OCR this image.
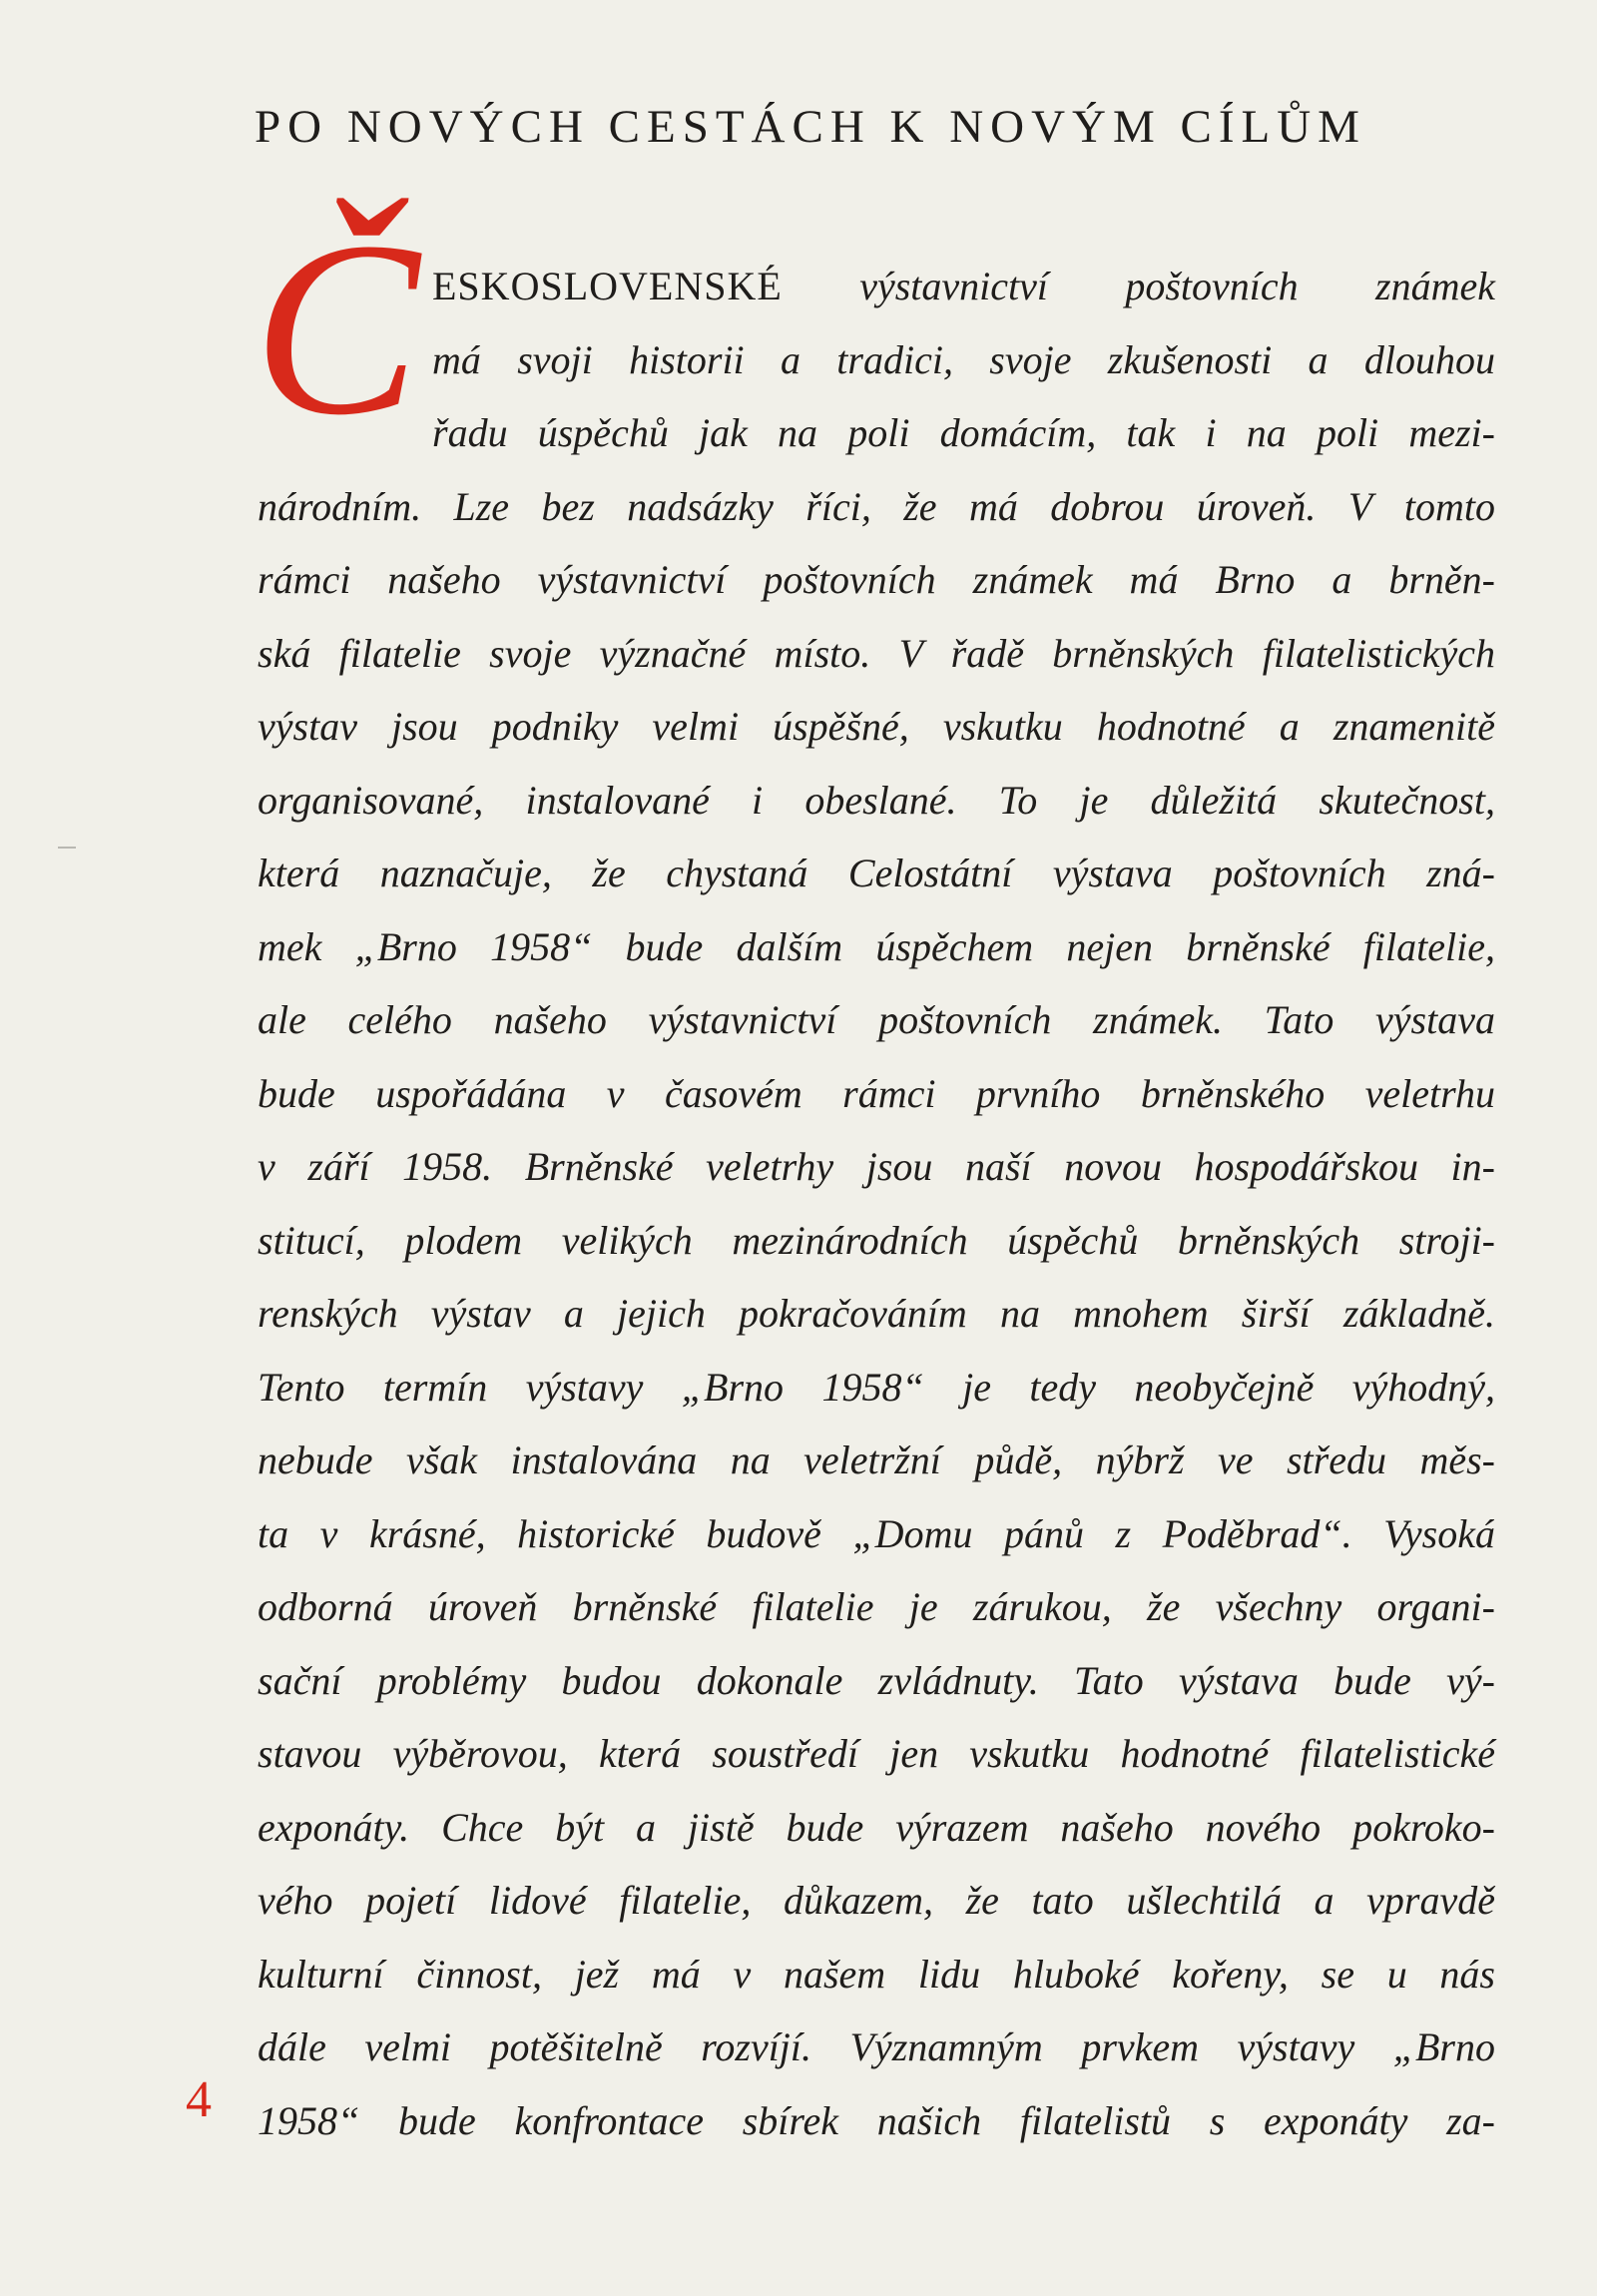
PO NOVÝCH CESTÁCH K NOVÝM CÍLŮM
Č ESKOSLOVENSKÉ výstavnictví poštovních známek
má svoji historii a tradici, svoje zkušenosti a dlouhou
řadu úspěchů jak na poli domácím, tak i na poli mezi-
národním. Lze bez nadsázky říci, že má dobrou úroveň. V tomto
rámci našeho výstavnictví poštovních známek má Brno a brněn-
ská filatelie svoje význačné místo. V řadě brněnských filatelistických
výstav jsou podniky velmi úspěšné, vskutku hodnotné a znamenitě
organisované, instalované i obeslané. To je důležitá skutečnost,
která naznačuje, že chystaná Celostátní výstava poštovních zná-
mek „Brno 1958“ bude dalším úspěchem nejen brněnské filatelie,
ale celého našeho výstavnictví poštovních známek. Tato výstava
bude uspořádána v časovém rámci prvního brněnského veletrhu
v září 1958. Brněnské veletrhy jsou naší novou hospodářskou in-
stitucí, plodem velikých mezinárodních úspěchů brněnských stroji-
renských výstav a jejich pokračováním na mnohem širší základně.
Tento termín výstavy „Brno 1958“ je tedy neobyčejně výhodný,
nebude však instalována na veletržní půdě, nýbrž ve středu měs-
ta v krásné, historické budově „Domu pánů z Poděbrad“. Vysoká
odborná úroveň brněnské filatelie je zárukou, že všechny organi-
sační problémy budou dokonale zvládnuty. Tato výstava bude vý-
stavou výběrovou, která soustředí jen vskutku hodnotné filatelistické
exponáty. Chce být a jistě bude výrazem našeho nového pokroko-
vého pojetí lidové filatelie, důkazem, že tato ušlechtilá a vpravdě
kulturní činnost, jež má v našem lidu hluboké kořeny, se u nás
dále velmi potěšitelně rozvíjí. Významným prvkem výstavy „Brno
1958“ bude konfrontace sbírek našich filatelistů s exponáty za-
4
